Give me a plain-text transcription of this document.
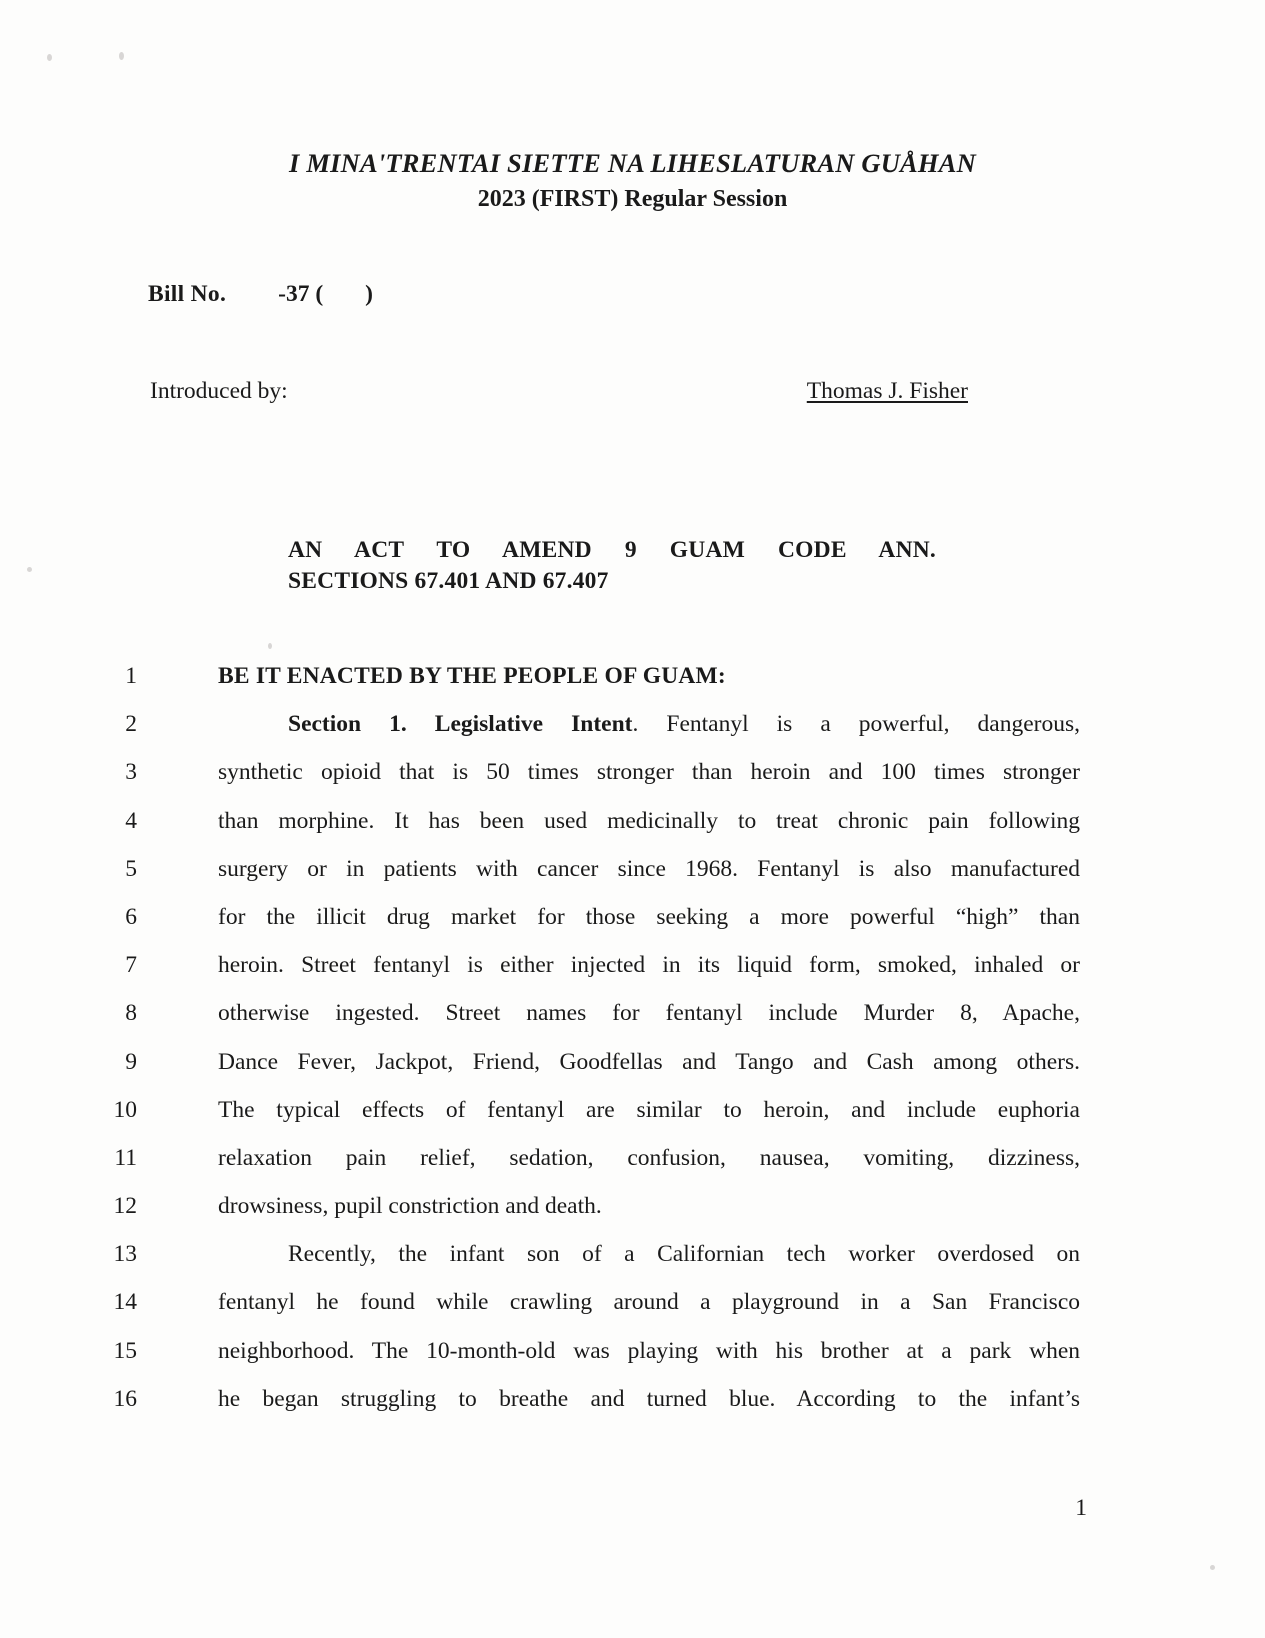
I MINA'TRENTAI SIETTE NA LIHESLATURAN GUÅHAN
2023 (FIRST) Regular Session
Bill No. -37 ( )
Introduced by:	Thomas J. Fisher
AN ACT TO AMEND 9 GUAM CODE ANN.
SECTIONS 67.401 AND 67.407
1	BE IT ENACTED BY THE PEOPLE OF GUAM:
2	Section 1. Legislative Intent. Fentanyl is a powerful, dangerous,
3	synthetic opioid that is 50 times stronger than heroin and 100 times stronger
4	than morphine. It has been used medicinally to treat chronic pain following
5	surgery or in patients with cancer since 1968. Fentanyl is also manufactured
6	for the illicit drug market for those seeking a more powerful “high” than
7	heroin. Street fentanyl is either injected in its liquid form, smoked, inhaled or
8	otherwise ingested. Street names for fentanyl include Murder 8, Apache,
9	Dance Fever, Jackpot, Friend, Goodfellas and Tango and Cash among others.
10	The typical effects of fentanyl are similar to heroin, and include euphoria
11	relaxation pain relief, sedation, confusion, nausea, vomiting, dizziness,
12	drowsiness, pupil constriction and death.
13	Recently, the infant son of a Californian tech worker overdosed on
14	fentanyl he found while crawling around a playground in a San Francisco
15	neighborhood. The 10-month-old was playing with his brother at a park when
16	he began struggling to breathe and turned blue. According to the infant’s
1
